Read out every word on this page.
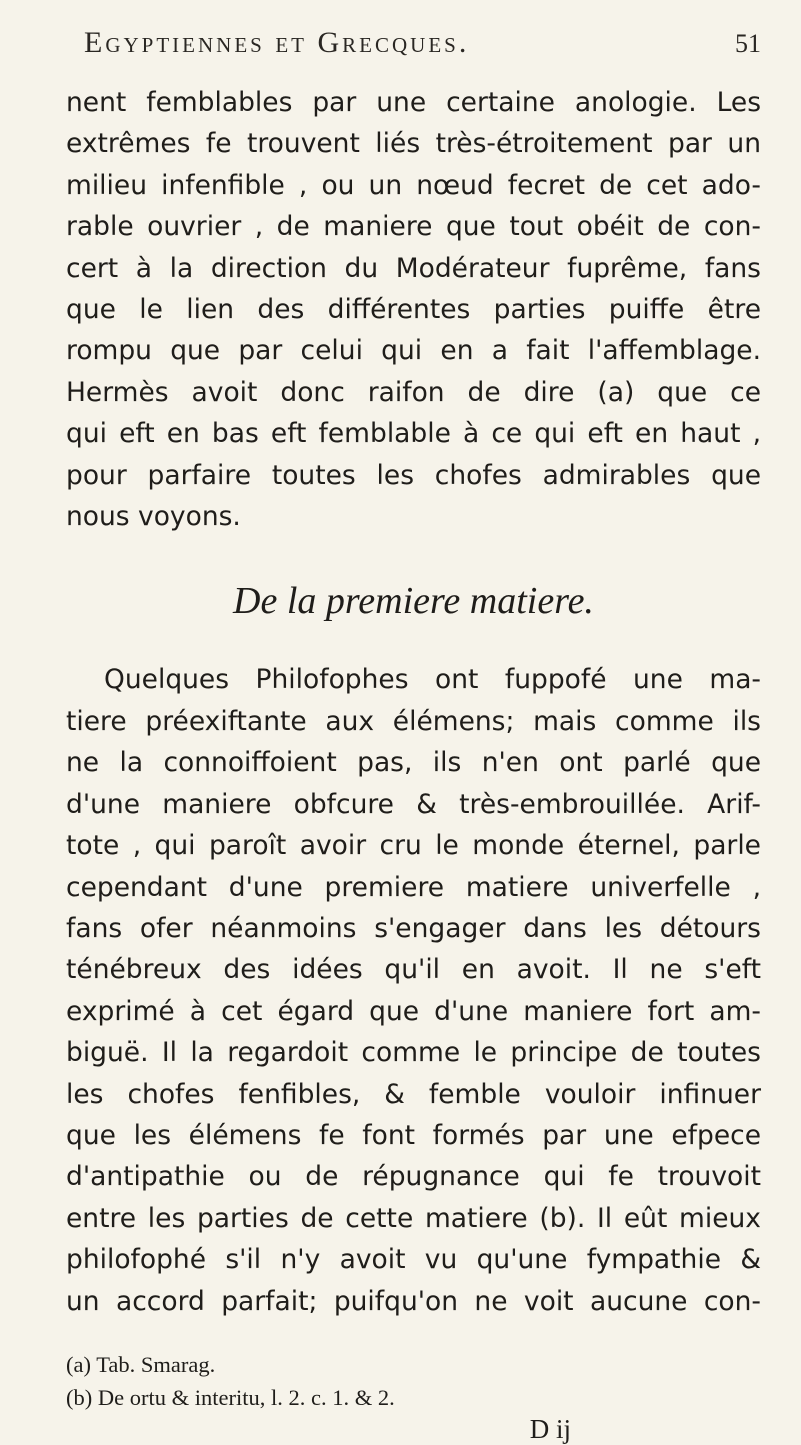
Egyptiennes et Grecques.	51
nent femblables par une certaine anologie. Les
extrêmes fe trouvent liés très-étroitement par un
milieu infenfible , ou un nœud fecret de cet ado-
rable ouvrier , de maniere que tout obéit de con-
cert à la direction du Modérateur fuprême, fans
que le lien des différentes parties puiffe être
rompu que par celui qui en a fait l'affemblage.
Hermès avoit donc raifon de dire (a) que ce
qui eft en bas eft femblable à ce qui eft en haut ,
pour parfaire toutes les chofes admirables que
nous voyons.
De la premiere matiere.
Quelques Philofophes ont fuppofé une ma-
tiere préexiftante aux élémens; mais comme ils
ne la connoiffoient pas, ils n'en ont parlé que
d'une maniere obfcure & très-embrouillée. Arif-
tote , qui paroît avoir cru le monde éternel, parle
cependant d'une premiere matiere univerfelle ,
fans ofer néanmoins s'engager dans les détours
ténébreux des idées qu'il en avoit. Il ne s'eft
exprimé à cet égard que d'une maniere fort am-
biguë. Il la regardoit comme le principe de toutes
les chofes fenfibles, & femble vouloir infinuer
que les élémens fe font formés par une efpece
d'antipathie ou de répugnance qui fe trouvoit
entre les parties de cette matiere (b). Il eût mieux
philofophé s'il n'y avoit vu qu'une fympathie &
un accord parfait; puifqu'on ne voit aucune con-
(a) Tab. Smarag.
(b) De ortu & interitu, l. 2. c. 1. & 2.
D ij
